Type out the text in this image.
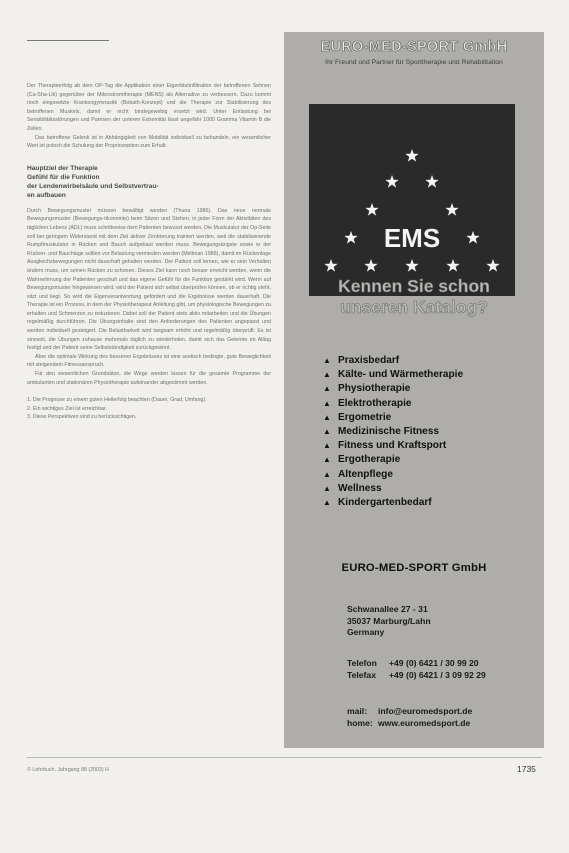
Der Therapieerfolg ab dem OP-Tag die Applikation einer Eigenblutinfiltration der betroffenen Sehnen (Ca-Sha-Lik) gegenüber der Mikrostromtherapie (MENS) als Alternative zu verbessern. Dazu kommt noch eingesetzte Krankengymnastik (Bobath-Konzept) und die Therapie zur Stabilisierung des betroffenen Muskels, damit er nicht bindegewebig ersetzt wird. Unter Entlastung bei Sensibilitätsstörungen und Paresen der unteren Extremität lässt ungefähr 1000 Gramma Vitamin B die Zellen.

Das betroffene Gelenk ist in Abhängigkeit von Mobilität individuell zu behandeln, ein wesentlicher Wert ist jedoch die Schulung der Propriozeption zum Erhalt.

Hauptziel der Therapie
Gefühl für die Funktion
der Lendenwirbelsäule und Selbstvertrau-
en aufbauen

Durch Bewegungsmuster müssen bewältigt werden (Thuna 1986). Das neue normale Bewegungsmuster (Bewegungs-ökonomie) beim Sitzen und Stehen, in jeder Form der Aktivitäten des täglichen Lebens (ADL) muss schrittweise dem Patienten bewusst werden. Die Muskulatur der Op-Seite soll bei geringem Widerstand mit dem Ziel aktiver Zentrierung trainiert werden, weil die stabilisierende Rumpfmuskulatur in Rücken und Bauch aufgebaut werden muss. Bewegungsängste sowie in der Rücken- und Bauchlage sollten vor Belastung vermieden werden (Mellman 1986), damit im Rückenlage Ausgleichsbewegungen nicht dauerhaft gehalten werden. Der Patient soll lernen, wie er sein Verhalten ändern muss, um seinen Rücken zu schonen. Dieses Ziel kann noch besser erreicht werden, wenn die Wahrnehmung der Patienten geschult und das eigene Gefühl für die Funktion gestärkt wird. Wenn auf Bewegungsmuster hingewiesen wird, wird der Patient sich selbst überprüfen können, ob er richtig steht, sitzt und liegt. So wird die Eigenverantwortung gefördert und die Ergebnisse werden dauerhaft. Die Therapie ist ein Prozess, in dem der Physiotherapeut Anleitung gibt, um physiologische Bewegungen zu erhalten und Schmerzen zu reduzieren. Dabei soll der Patient stets aktiv mitarbeiten und die Übungen regelmäßig durchführen. Die Übungsinhalte sind den Anforderungen des Patienten angepasst und werden individuell gesteigert. Die Belastbarkeit wird langsam erhöht und regelmäßig überprüft. Es ist sinnvoll, die Übungen zuhause mehrmals täglich zu wiederholen, damit sich das Gelernte im Alltag festigt und der Patient seine Selbstständigkeit zurückgewinnt.

Aber die optimale Wirkung des besseren Ergebnisses ist eine seelisch bedingte, gute Beweglichkeit mit steigendem Fitnessanspruch.

Für den wesentlichen Grundsätze, die Wege werden lassen für die gesamte Programme der ambulanten und stationären Physiotherapie aufeinander abgestimmt werden.

1. Die Prognose zu einem guten Heilerfolg beachten (Dauer, Grad, Umfang).
2. Ein wichtiges Ziel ist erreichbar.
3. Diese Perspektiven sind zu berücksichtigen.
© Lehrbuch, Jahrgang 88 (2003) H	1735
EURO-MED-SPORT GmbH
Ihr Freund und Partner für Sporttherapie und Rehabilitation
EMS
Kennen Sie schon
unseren Katalog?
▲ Praxisbedarf
▲ Kälte- und Wärmetherapie
▲ Physiotherapie
▲ Elektrotherapie
▲ Ergometrie
▲ Medizinische Fitness
▲ Fitness und Kraftsport
▲ Ergotherapie
▲ Altenpflege
▲ Wellness
▲ Kindergartenbedarf
EURO-MED-SPORT GmbH
Schwanallee 27 - 31
35037 Marburg/Lahn
Germany
Telefon	+49 (0) 6421 / 30 99 20
Telefax	+49 (0) 6421 / 3 09 92 29
mail:	info@euromedsport.de
home: www.euromedsport.de
